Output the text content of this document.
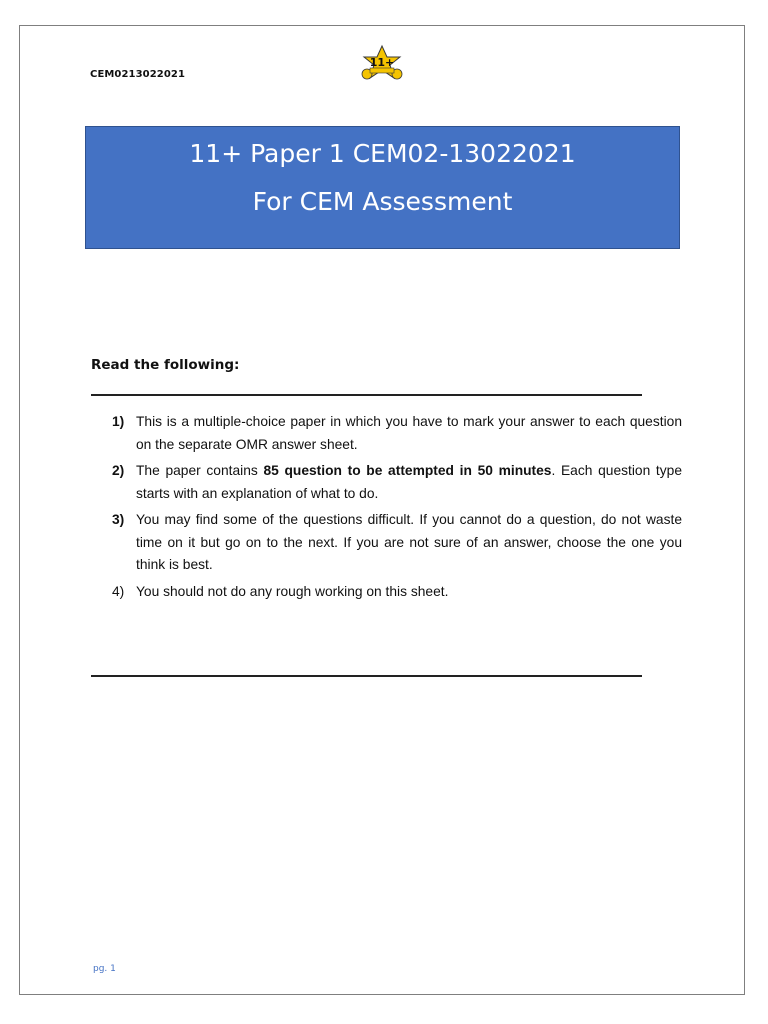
CEM0213022021
11+
11+ Paper 1 CEM02-13022021
For CEM Assessment
Read the following:
1) This is a multiple-choice paper in which you have to mark your answer to each question on the separate OMR answer sheet.
2) The paper contains 85 question to be attempted in 50 minutes. Each question type starts with an explanation of what to do.
3) You may find some of the questions difficult. If you cannot do a question, do not waste time on it but go on to the next. If you are not sure of an answer, choose the one you think is best.
4) You should not do any rough working on this sheet.
pg. 1
